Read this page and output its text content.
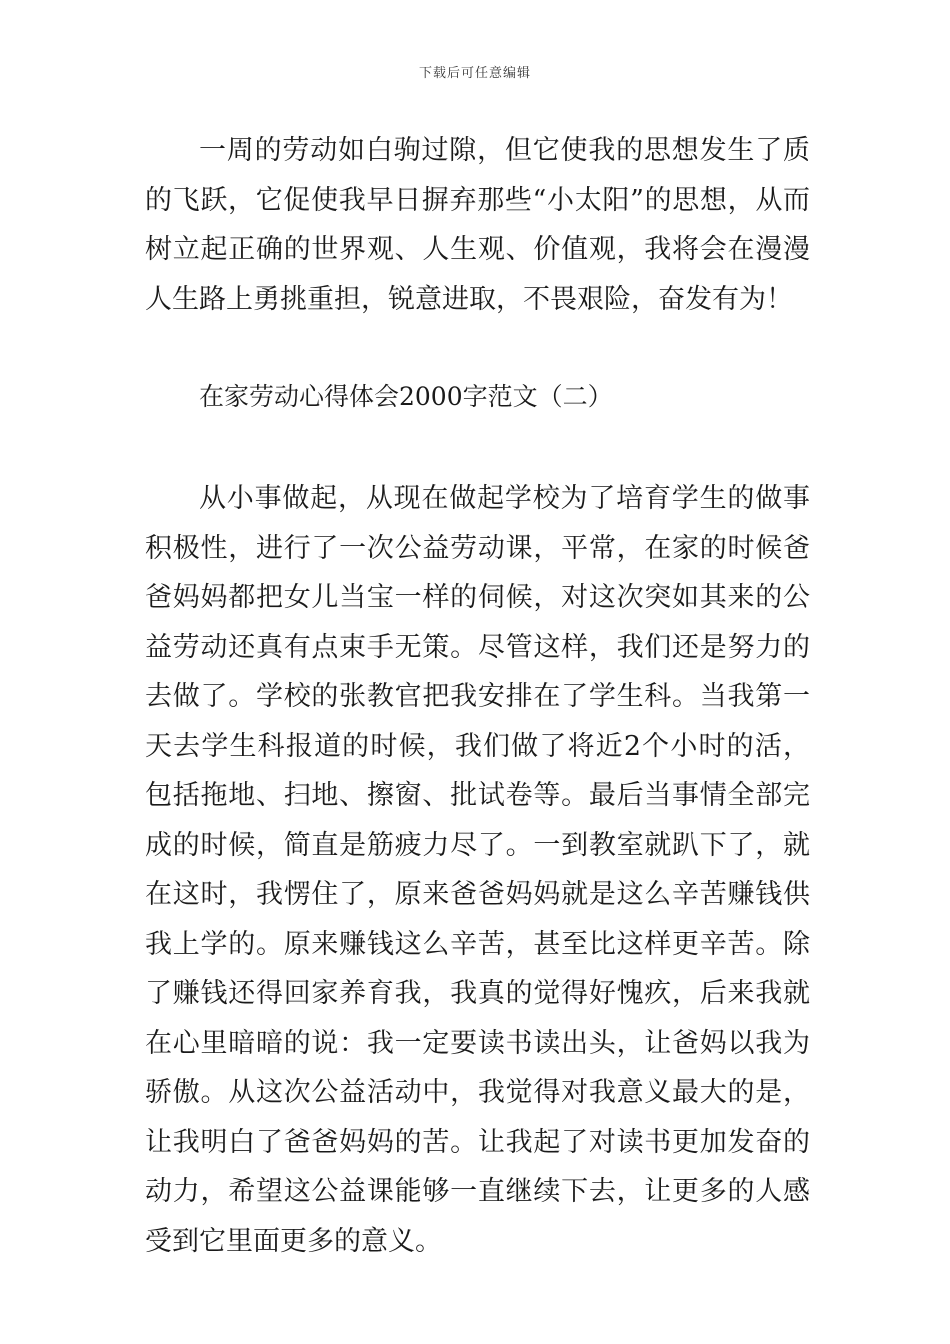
下载后可任意编辑

一周的劳动如白驹过隙，但它使我的思想发生了质的飞跃，它促使我早日摒弃那些“小太阳”的思想，从而树立起正确的世界观、人生观、价值观，我将会在漫漫人生路上勇挑重担，锐意进取，不畏艰险，奋发有为！

在家劳动心得体会2000字范文（二）

从小事做起，从现在做起学校为了培育学生的做事积极性，进行了一次公益劳动课，平常，在家的时候爸爸妈妈都把女儿当宝一样的伺候，对这次突如其来的公益劳动还真有点束手无策。尽管这样，我们还是努力的去做了。学校的张教官把我安排在了学生科。当我第一天去学生科报道的时候，我们做了将近2个小时的活，包括拖地、扫地、擦窗、批试卷等。最后当事情全部完成的时候，简直是筋疲力尽了。一到教室就趴下了，就在这时，我愣住了，原来爸爸妈妈就是这么辛苦赚钱供我上学的。原来赚钱这么辛苦，甚至比这样更辛苦。除了赚钱还得回家养育我，我真的觉得好愧疚，后来我就在心里暗暗的说：我一定要读书读出头，让爸妈以我为骄傲。从这次公益活动中，我觉得对我意义最大的是，让我明白了爸爸妈妈的苦。让我起了对读书更加发奋的动力，希望这公益课能够一直继续下去，让更多的人感受到它里面更多的意义。
